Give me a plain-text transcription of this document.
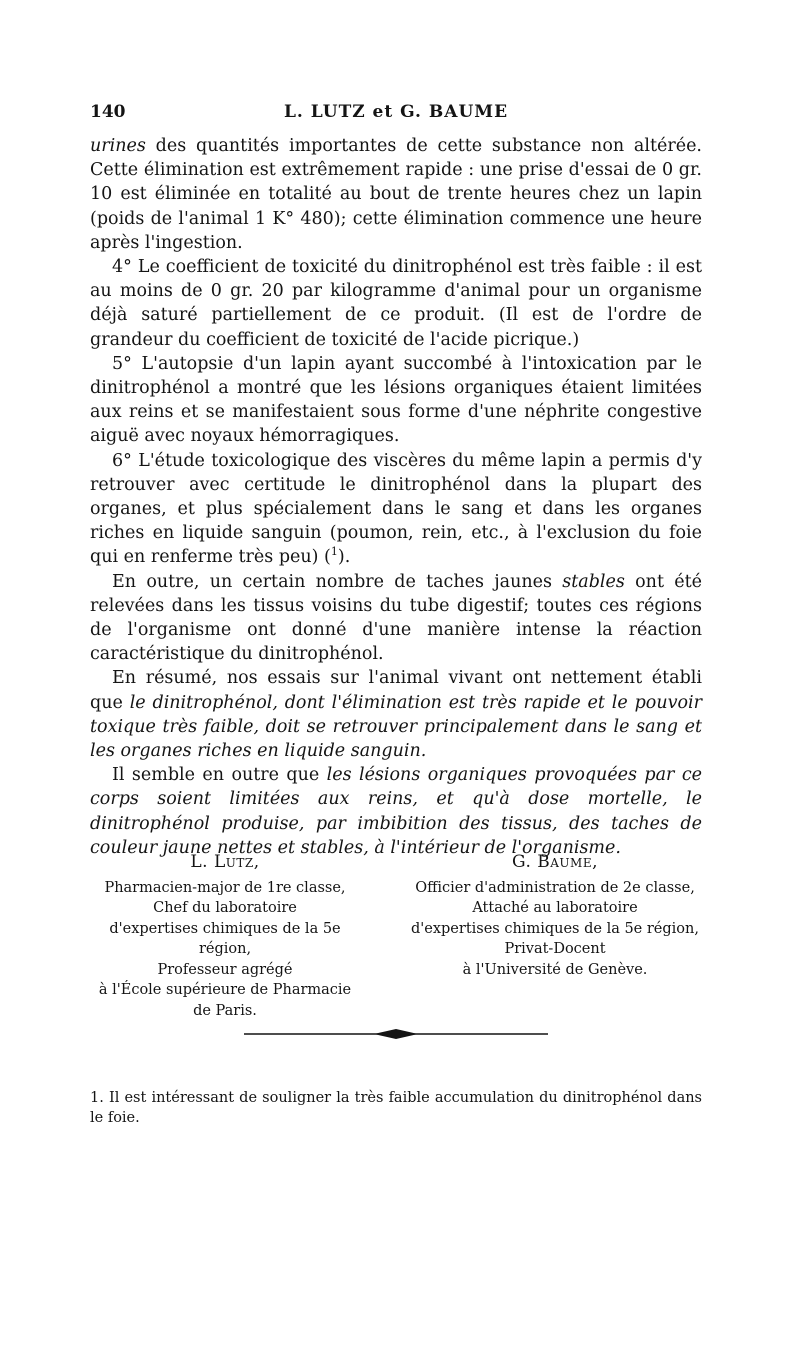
140	L. LUTZ et G. BAUME

urines des quantités importantes de cette substance non altérée. Cette élimination est extrêmement rapide : une prise d'essai de 0 gr. 10 est éliminée en totalité au bout de trente heures chez un lapin (poids de l'animal 1 K° 480); cette élimination commence une heure après l'ingestion.

4° Le coefficient de toxicité du dinitrophénol est très faible : il est au moins de 0 gr. 20 par kilogramme d'animal pour un organisme déjà saturé partiellement de ce produit. (Il est de l'ordre de grandeur du coefficient de toxicité de l'acide picrique.)

5° L'autopsie d'un lapin ayant succombé à l'intoxication par le dinitrophénol a montré que les lésions organiques étaient limitées aux reins et se manifestaient sous forme d'une néphrite congestive aiguë avec noyaux hémorragiques.

6° L'étude toxicologique des viscères du même lapin a permis d'y retrouver avec certitude le dinitrophénol dans la plupart des organes, et plus spécialement dans le sang et dans les organes riches en liquide sanguin (poumon, rein, etc., à l'exclusion du foie qui en renferme très peu) ($^1$).

En outre, un certain nombre de taches jaunes stables ont été relevées dans les tissus voisins du tube digestif; toutes ces régions de l'organisme ont donné d'une manière intense la réaction caractéristique du dinitrophénol.

En résumé, nos essais sur l'animal vivant ont nettement établi que le dinitrophénol, dont l'élimination est très rapide et le pouvoir toxique très faible, doit se retrouver principalement dans le sang et les organes riches en liquide sanguin.

Il semble en outre que les lésions organiques provoquées par ce corps soient limitées aux reins, et qu'à dose mortelle, le dinitrophénol produise, par imbibition des tissus, des taches de couleur jaune nettes et stables, à l'intérieur de l'organisme.

L. Lutz,
Pharmacien-major de 1re classe,
Chef du laboratoire
d'expertises chimiques de la 5e région,
Professeur agrégé
à l'École supérieure de Pharmacie
de Paris.
G. Baume,
Officier d'administration de 2e classe,
Attaché au laboratoire
d'expertises chimiques de la 5e région,
Privat-Docent
à l'Université de Genève.
1. Il est intéressant de souligner la très faible accumulation du dinitrophénol dans le foie.
